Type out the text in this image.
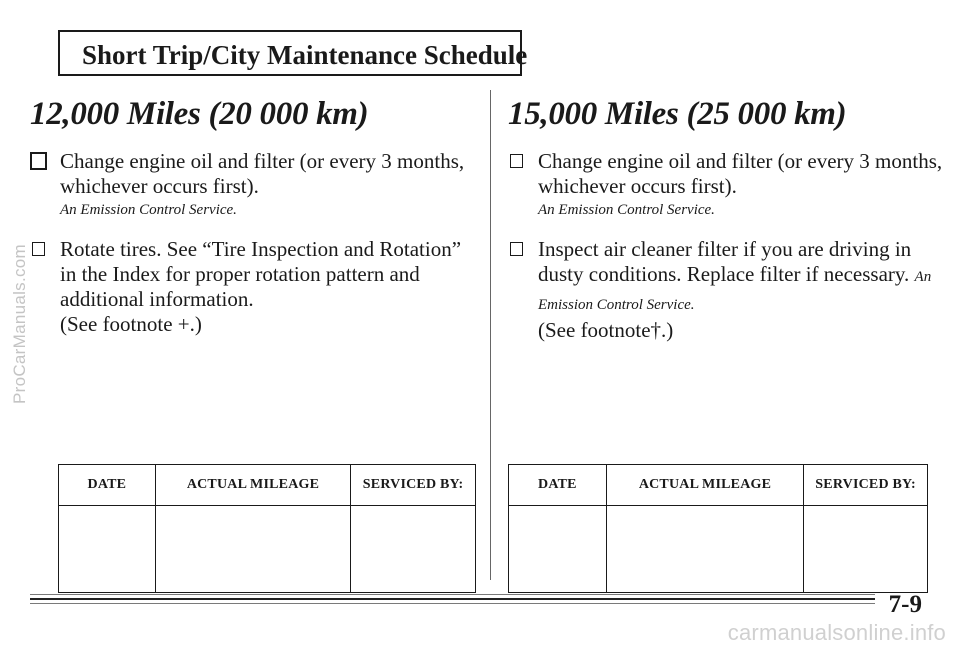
ProCarManuals.com
Short Trip/City Maintenance Schedule
12,000 Miles (20 000 km)
Change engine oil and filter (or every 3 months, whichever occurs first).
An Emission Control Service.
Rotate tires. See “Tire Inspection and Rotation” in the Index for proper rotation pattern and additional information.
(See footnote +.)
15,000 Miles (25 000 km)
Change engine oil and filter (or every 3 months, whichever occurs first).
An Emission Control Service.
Inspect air cleaner filter if you are driving in dusty conditions. Replace filter if necessary. An Emission Control Service.
(See footnote†.)
DATE	ACTUAL MILEAGE	SERVICED BY:
			DATE	ACTUAL MILEAGE	SERVICED BY:

7-9
carmanualsonline.info
